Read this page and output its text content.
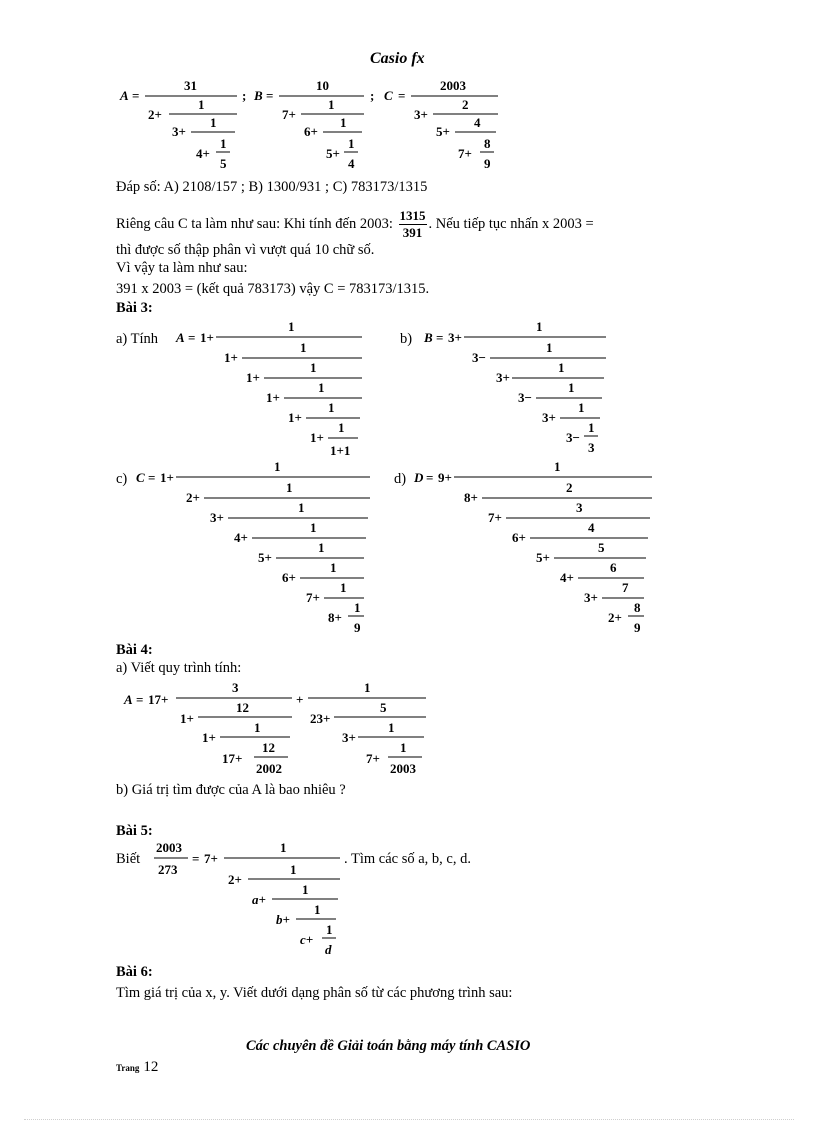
Casio fx
A =
31
2+
1
3+
1
4+
1
5
; B =
10
7+
1
6+
1
5+
1
4
; C =
2003
3+
2
5+
4
7+
8
9
Đáp số: A) 2108/157 ; B) 1300/931 ; C) 783173/1315
Riêng câu C ta làm như sau: Khi tính đến 2003: $\frac{1315}{391}$ . Nếu tiếp tục nhấn x 2003 =
thì được số thập phân vì vượt quá 10 chữ số.
Vì vậy ta làm như sau:
391 x 2003 = (kết quả 783173) vậy C = 783173/1315.
Bài 3:
a) Tính A = 1+
1
1+
1
1+
1
1+
1
1+
1
1+
1
1+1
b) B = 3+
1
3−
1
3+
1
3−
1
3+
1
3−
1
3
c) C = 1+
1
2+
1
3+
1
4+
1
5+
1
6+
1
7+
1
8+
1
9
d) D = 9+
1
8+
2
7+
3
6+
4
5+
5
4+
6
3+
7
2+
8
9
Bài 4:
a) Viết quy trình tính:
A = 17+
3
1+
12
1+
1
17+
12
2002
+
1
23+
5
3+
1
7+
1
2003
b) Giá trị tìm được của A là bao nhiêu ?
Bài 5:
Biết
2003
273
= 7+
1
2+
1
a+
1
b+
1
c+
1
d
. Tìm các số a, b, c, d.
Bài 6:
Tìm giá trị của x, y. Viết dưới dạng phân số từ các phương trình sau:
Các chuyên đề Giải toán bằng máy tính CASIO
Trang 12
